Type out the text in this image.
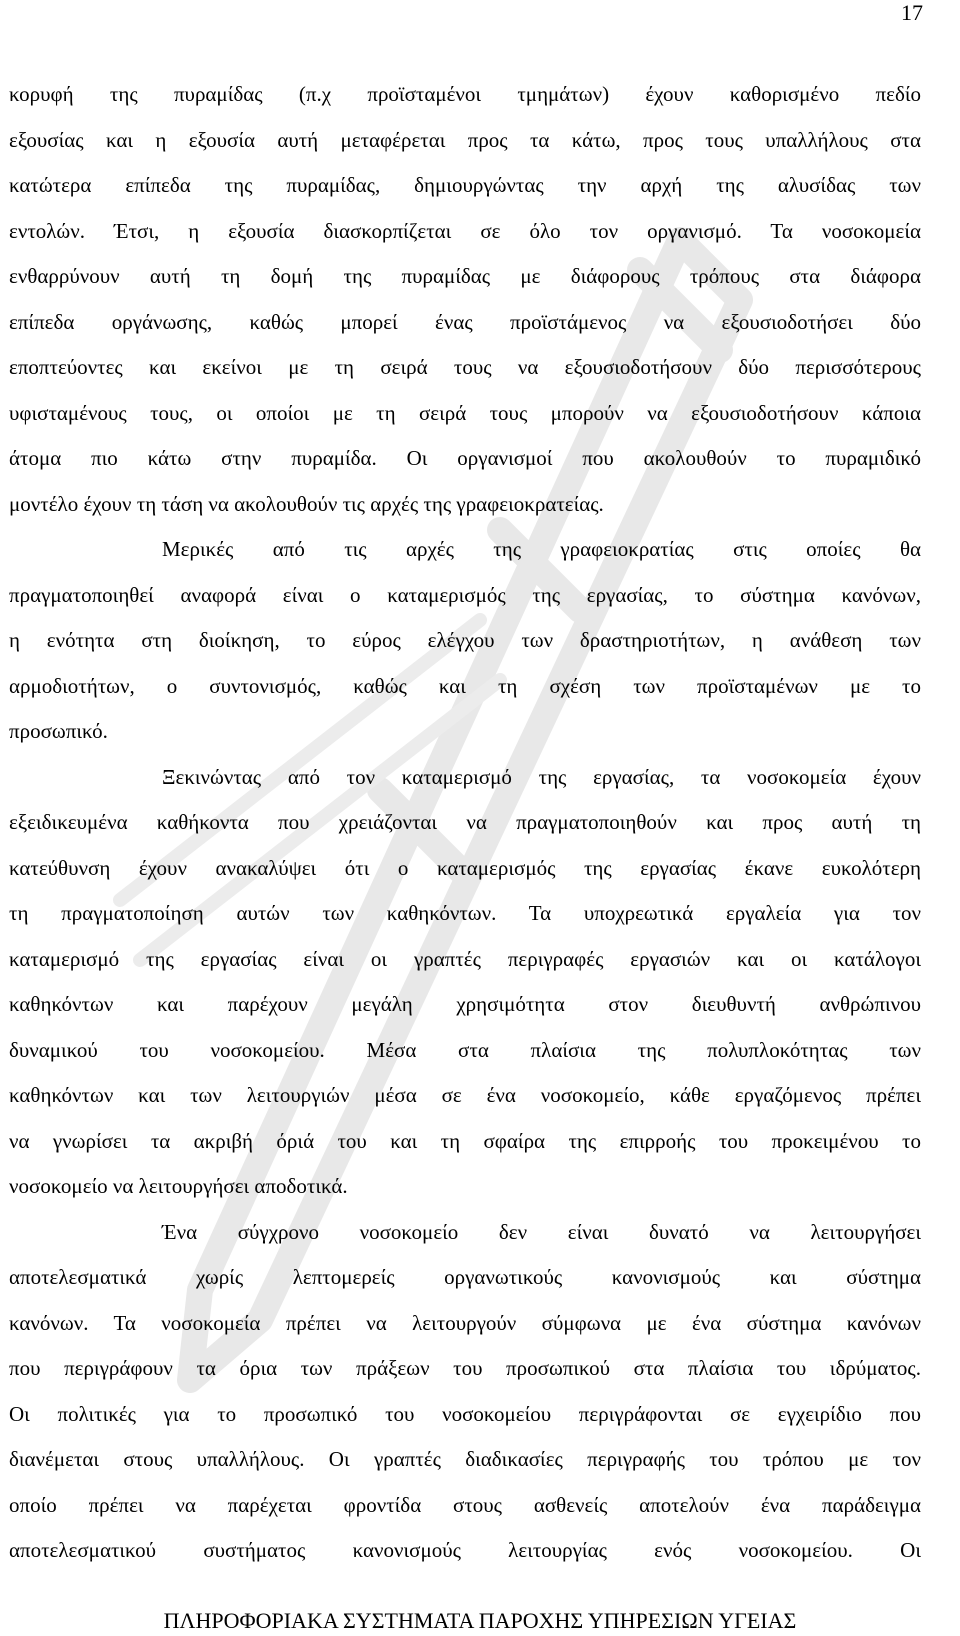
17
κορυφή της πυραμίδας (π.χ προϊσταμένοι τμημάτων) έχουν καθορισμένο πεδίο
εξουσίας και η εξουσία αυτή μεταφέρεται προς τα κάτω, προς τους υπαλλήλους στα
κατώτερα επίπεδα της πυραμίδας, δημιουργώντας την αρχή της αλυσίδας των
εντολών. Έτσι, η εξουσία διασκορπίζεται σε όλο τον οργανισμό. Τα νοσοκομεία
ενθαρρύνουν αυτή τη δομή της πυραμίδας με διάφορους τρόπους στα διάφορα
επίπεδα οργάνωσης, καθώς μπορεί ένας προϊστάμενος να εξουσιοδοτήσει δύο
εποπτεύοντες και εκείνοι με τη σειρά τους να εξουσιοδοτήσουν δύο περισσότερους
υφισταμένους τους, οι οποίοι με τη σειρά τους μπορούν να εξουσιοδοτήσουν κάποια
άτομα πιο κάτω στην πυραμίδα. Οι οργανισμοί που ακολουθούν το πυραμιδικό
μοντέλο έχουν τη τάση να ακολουθούν τις αρχές της γραφειοκρατείας.
Μερικές από τις αρχές της γραφειοκρατίας στις οποίες θα
πραγματοποιηθεί αναφορά είναι ο καταμερισμός της εργασίας, το σύστημα κανόνων,
η ενότητα στη διοίκηση, το εύρος ελέγχου των δραστηριοτήτων, η ανάθεση των
αρμοδιοτήτων, ο συντονισμός, καθώς και τη σχέση των προϊσταμένων με το
προσωπικό.
Ξεκινώντας από τον καταμερισμό της εργασίας, τα νοσοκομεία έχουν
εξειδικευμένα καθήκοντα που χρειάζονται να πραγματοποιηθούν και προς αυτή τη
κατεύθυνση έχουν ανακαλύψει ότι ο καταμερισμός της εργασίας έκανε ευκολότερη
τη πραγματοποίηση αυτών των καθηκόντων. Τα υποχρεωτικά εργαλεία για τον
καταμερισμό της εργασίας είναι οι γραπτές περιγραφές εργασιών και οι κατάλογοι
καθηκόντων και παρέχουν μεγάλη χρησιμότητα στον διευθυντή ανθρώπινου
δυναμικού του νοσοκομείου. Μέσα στα πλαίσια της πολυπλοκότητας των
καθηκόντων και των λειτουργιών μέσα σε ένα νοσοκομείο, κάθε εργαζόμενος πρέπει
να γνωρίσει τα ακριβή όριά του και τη σφαίρα της επιρροής του προκειμένου το
νοσοκομείο να λειτουργήσει αποδοτικά.
Ένα σύγχρονο νοσοκομείο δεν είναι δυνατό να λειτουργήσει
αποτελεσματικά χωρίς λεπτομερείς οργανωτικούς κανονισμούς και σύστημα
κανόνων. Τα νοσοκομεία πρέπει να λειτουργούν σύμφωνα με ένα σύστημα κανόνων
που περιγράφουν τα όρια των πράξεων του προσωπικού στα πλαίσια του ιδρύματος.
Οι πολιτικές για το προσωπικό του νοσοκομείου περιγράφονται σε εγχειρίδιο που
διανέμεται στους υπαλλήλους. Οι γραπτές διαδικασίες περιγραφής του τρόπου με τον
οποίο πρέπει να παρέχεται φροντίδα στους ασθενείς αποτελούν ένα παράδειγμα
αποτελεσματικού συστήματος κανονισμούς λειτουργίας ενός νοσοκομείου. Οι
ΠΛΗΡΟΦΟΡΙΑΚΑ ΣΥΣΤΗΜΑΤΑ ΠΑΡΟΧΗΣ ΥΠΗΡΕΣΙΩΝ ΥΓΕΙΑΣ
